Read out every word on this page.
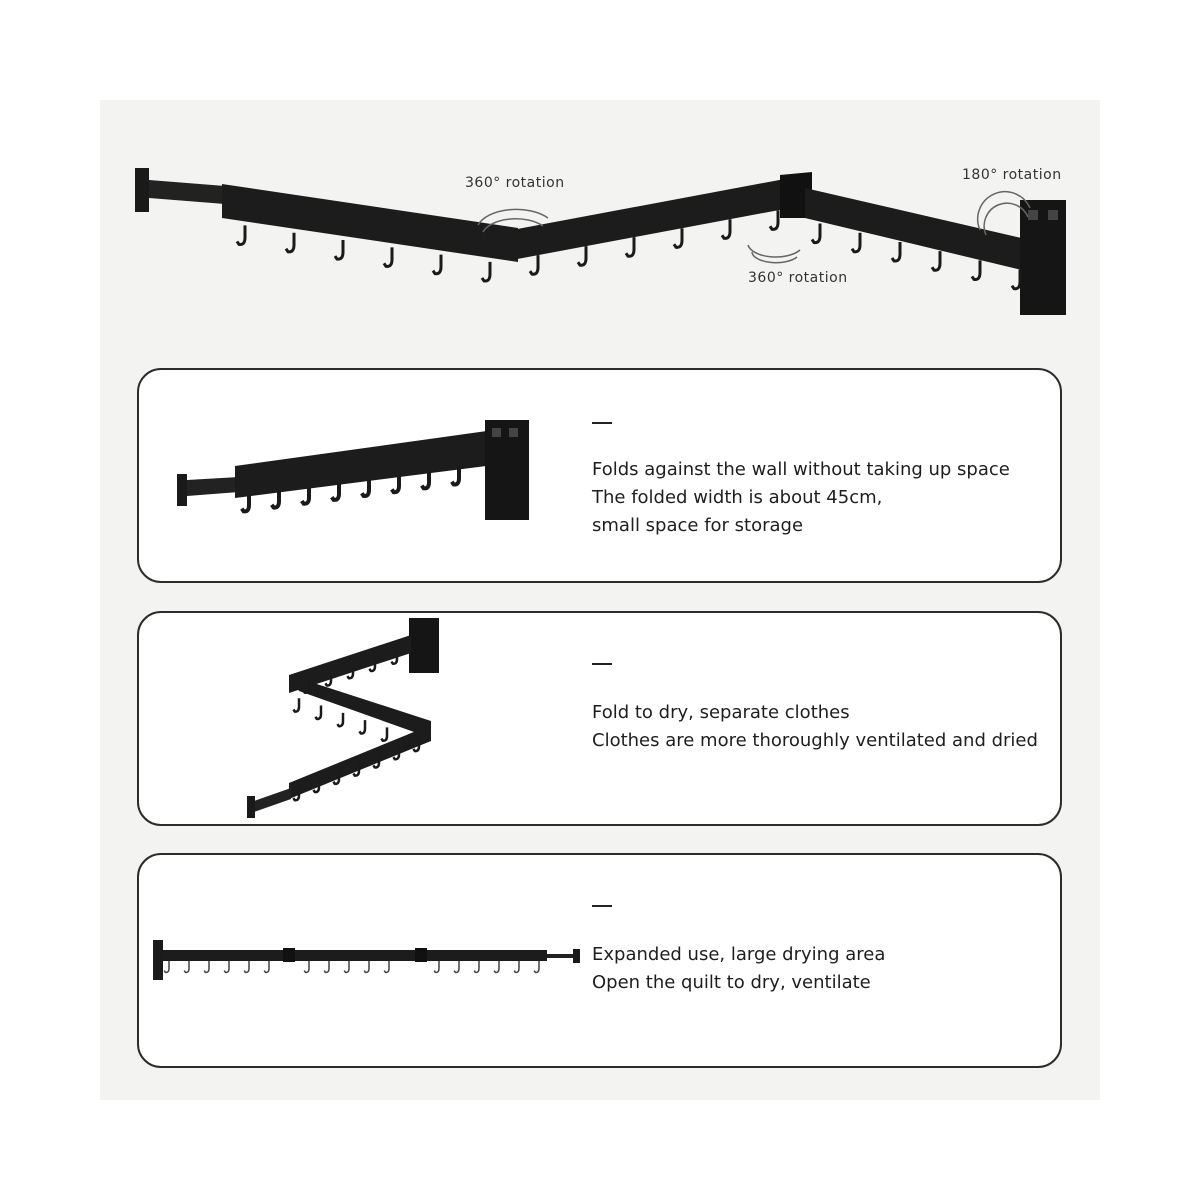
360° rotation	180° rotation
360° rotation
Folds against the wall without taking up space
The folded width is about 45cm,
small space for storage
Fold to dry, separate clothes
Clothes are more thoroughly ventilated and dried
Expanded use, large drying area
Open the quilt to dry, ventilate
